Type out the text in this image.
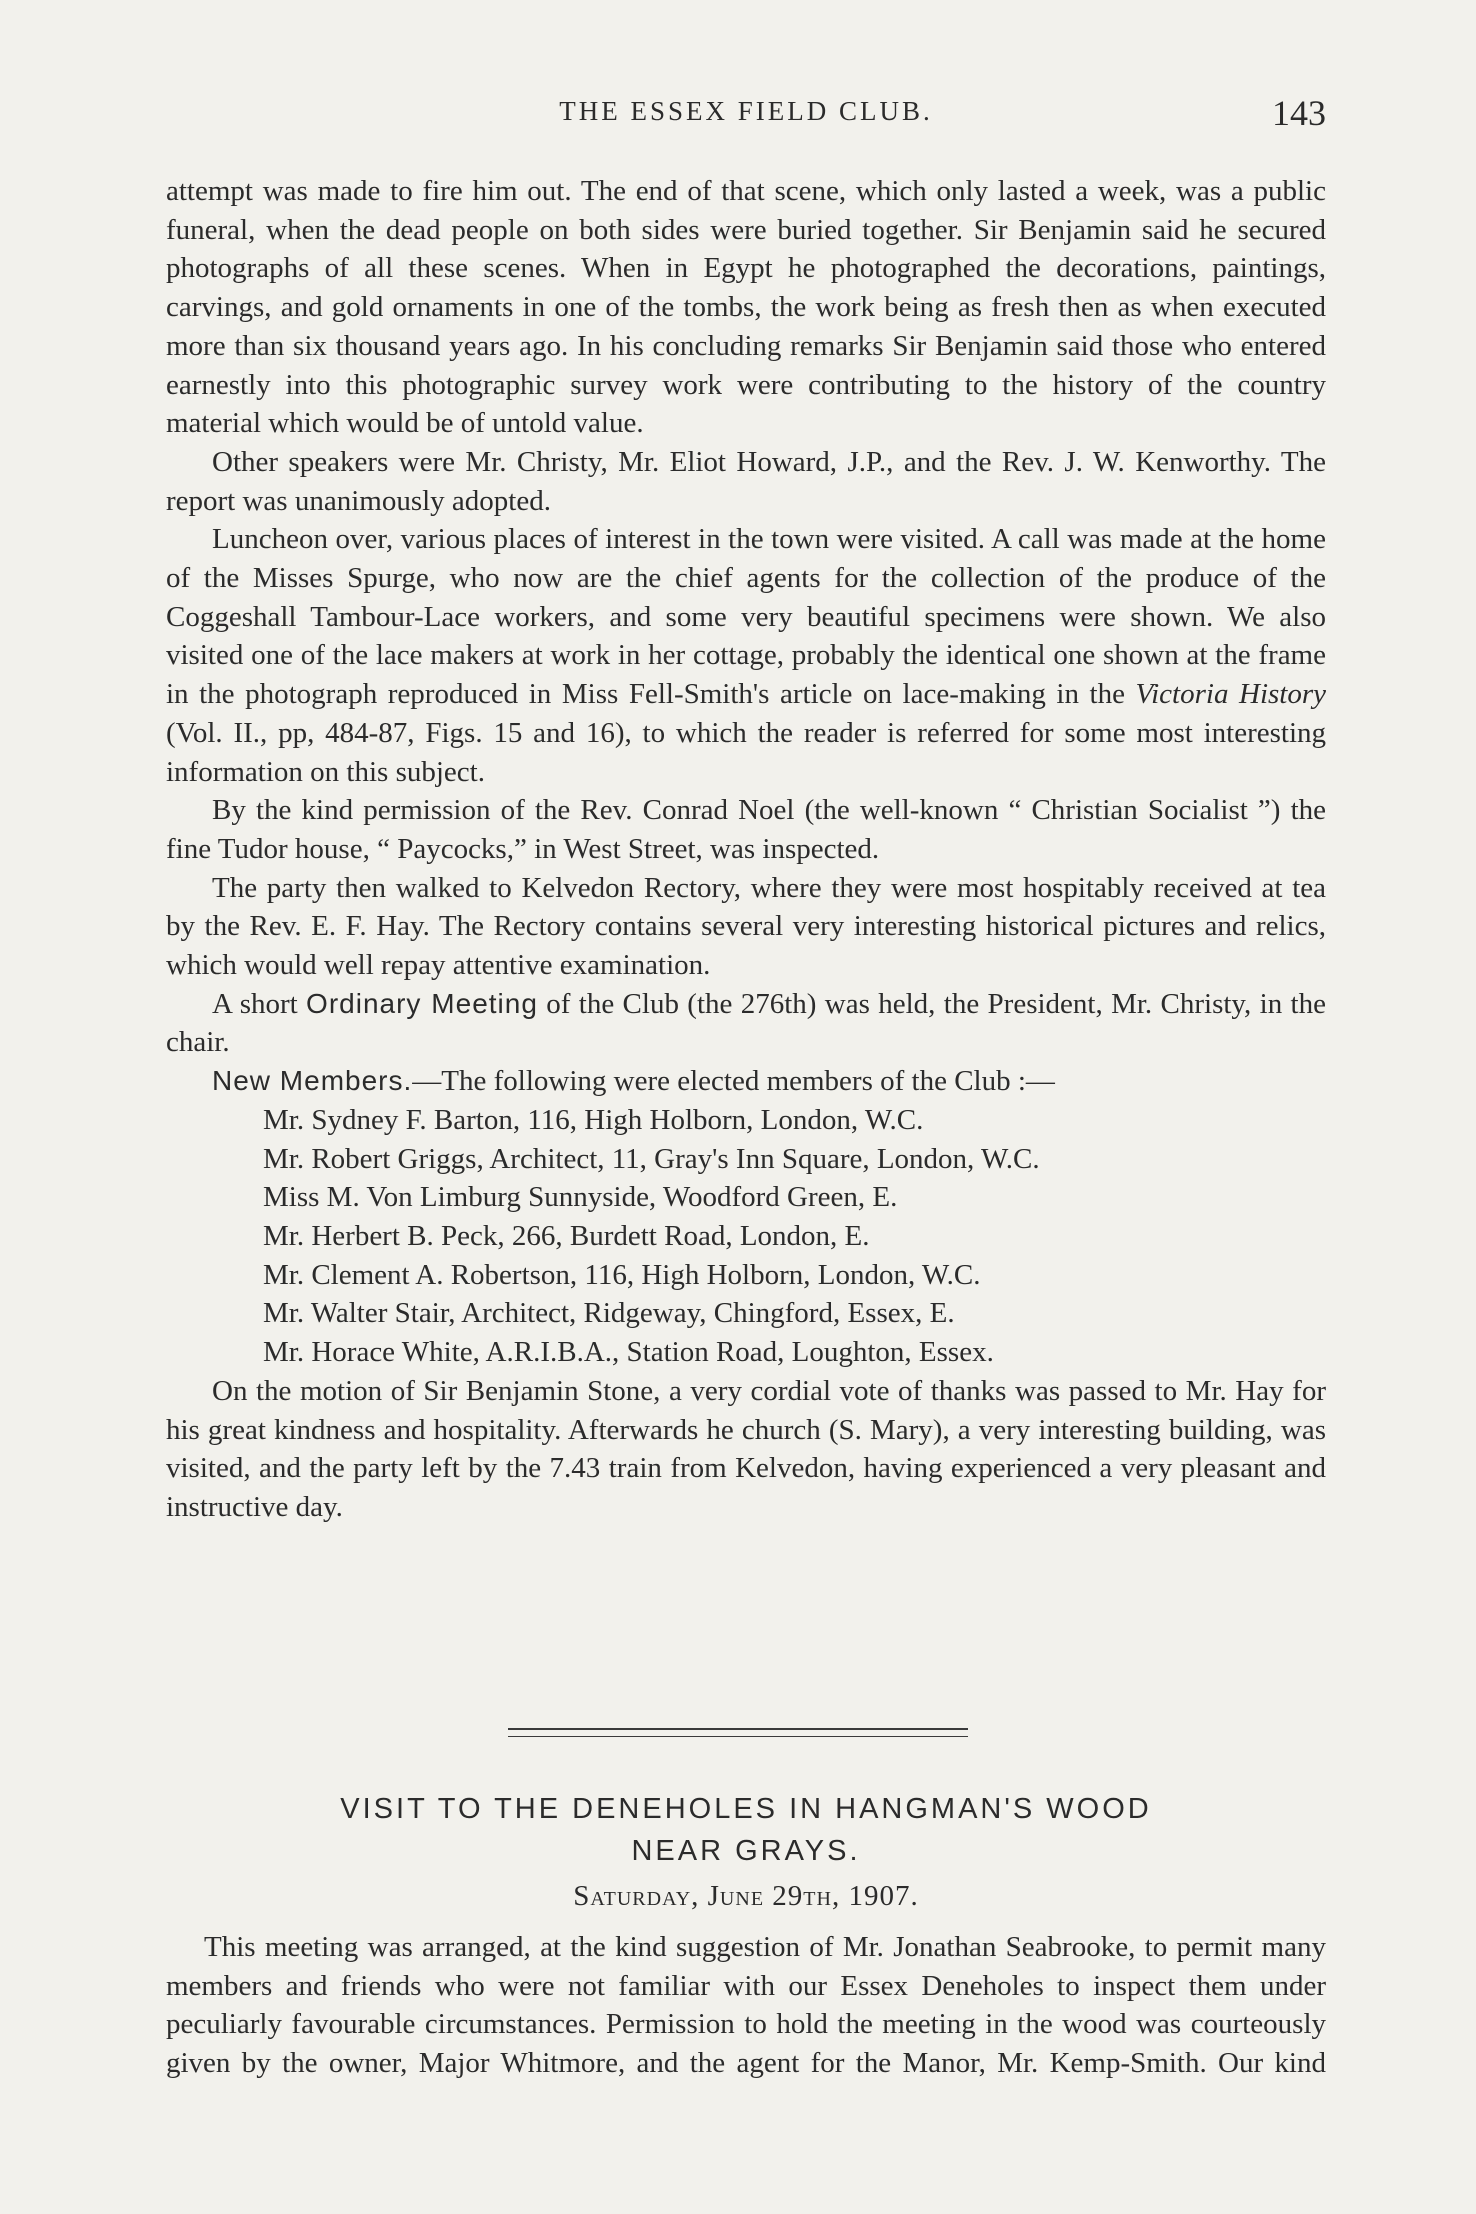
THE ESSEX FIELD CLUB.	143

attempt was made to fire him out. The end of that scene, which only lasted a week, was a public funeral, when the dead people on both sides were buried together. Sir Benjamin said he secured photographs of all these scenes. When in Egypt he photographed the decorations, paintings, carvings, and gold ornaments in one of the tombs, the work being as fresh then as when executed more than six thousand years ago. In his concluding remarks Sir Benjamin said those who entered earnestly into this photographic survey work were contributing to the history of the country material which would be of untold value.

Other speakers were Mr. Christy, Mr. Eliot Howard, J.P., and the Rev. J. W. Kenworthy. The report was unanimously adopted.

Luncheon over, various places of interest in the town were visited. A call was made at the home of the Misses Spurge, who now are the chief agents for the collection of the produce of the Coggeshall Tambour-Lace workers, and some very beautiful specimens were shown. We also visited one of the lace makers at work in her cottage, probably the identical one shown at the frame in the photograph reproduced in Miss Fell-Smith's article on lace-making in the Victoria History (Vol. II., pp, 484-87, Figs. 15 and 16), to which the reader is referred for some most interesting information on this subject.

By the kind permission of the Rev. Conrad Noel (the well-known “ Christian Socialist ”) the fine Tudor house, “ Paycocks,” in West Street, was inspected.

The party then walked to Kelvedon Rectory, where they were most hospitably received at tea by the Rev. E. F. Hay. The Rectory contains several very interesting historical pictures and relics, which would well repay attentive examination.

A short Ordinary Meeting of the Club (the 276th) was held, the President, Mr. Christy, in the chair.

New Members.—The following were elected members of the Club :—

Mr. Sydney F. Barton, 116, High Holborn, London, W.C.
Mr. Robert Griggs, Architect, 11, Gray's Inn Square, London, W.C.
Miss M. Von Limburg Sunnyside, Woodford Green, E.
Mr. Herbert B. Peck, 266, Burdett Road, London, E.
Mr. Clement A. Robertson, 116, High Holborn, London, W.C.
Mr. Walter Stair, Architect, Ridgeway, Chingford, Essex, E.
Mr. Horace White, A.R.I.B.A., Station Road, Loughton, Essex.

On the motion of Sir Benjamin Stone, a very cordial vote of thanks was passed to Mr. Hay for his great kindness and hospitality. Afterwards he church (S. Mary), a very interesting building, was visited, and the party left by the 7.43 train from Kelvedon, having experienced a very pleasant and instructive day.

VISIT TO THE DENEHOLES IN HANGMAN'S WOOD
NEAR GRAYS.
Saturday, June 29th, 1907.

This meeting was arranged, at the kind suggestion of Mr. Jonathan Seabrooke, to permit many members and friends who were not familiar with our Essex Deneholes to inspect them under peculiarly favourable circumstances. Permission to hold the meeting in the wood was courteously given by the owner, Major Whitmore, and the agent for the Manor, Mr. Kemp-Smith. Our kind
